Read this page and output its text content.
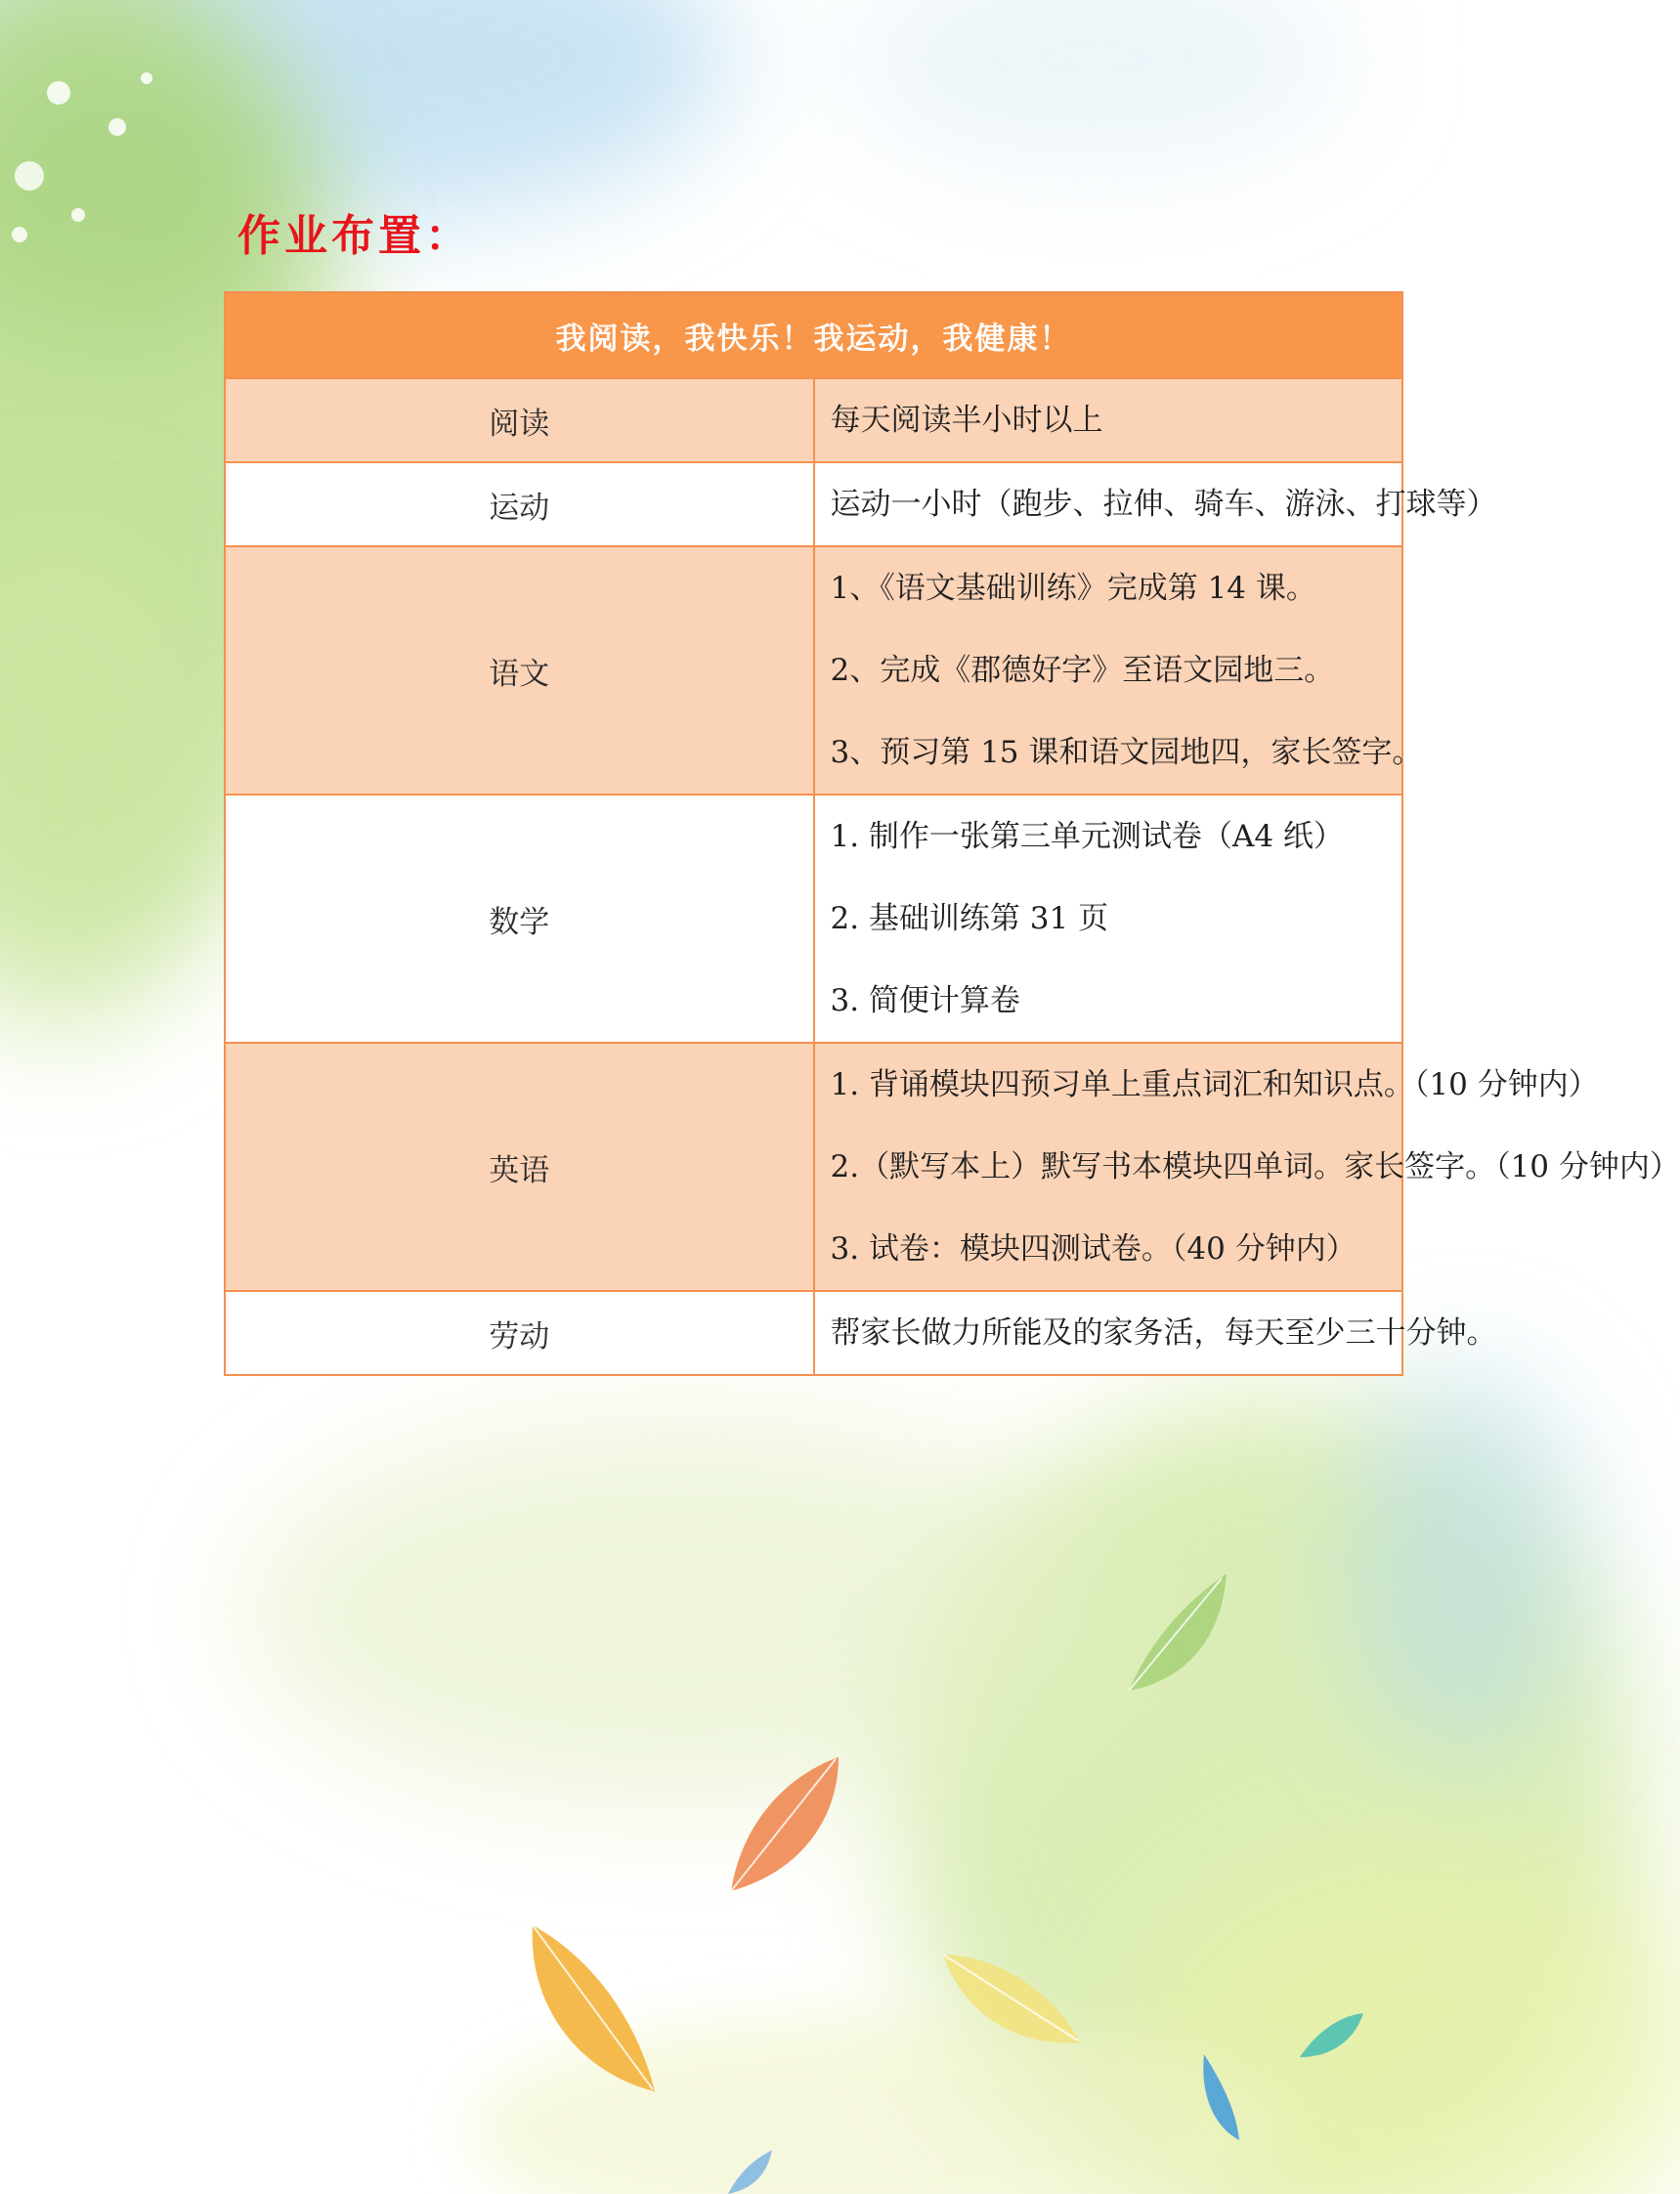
作业布置：
我阅读，我快乐！我运动，我健康！	
阅读	每天阅读半小时以上

运动	运动一小时（跑步、拉伸、骑车、游泳、打球等）

语文	1、《语文基础训练》完成第 14 课。
2、完成《郡德好字》至语文园地三。
3、预习第 15 课和语文园地四，家长签字。

数学	1. 制作一张第三单元测试卷（A4 纸）
2. 基础训练第 31 页
3. 简便计算卷

英语	1. 背诵模块四预习单上重点词汇和知识点。（10 分钟内）
2.（默写本上）默写书本模块四单词。家长签字。（10 分钟内）
3. 试卷：模块四测试卷。（40 分钟内）

劳动	帮家长做力所能及的家务活，每天至少三十分钟。
